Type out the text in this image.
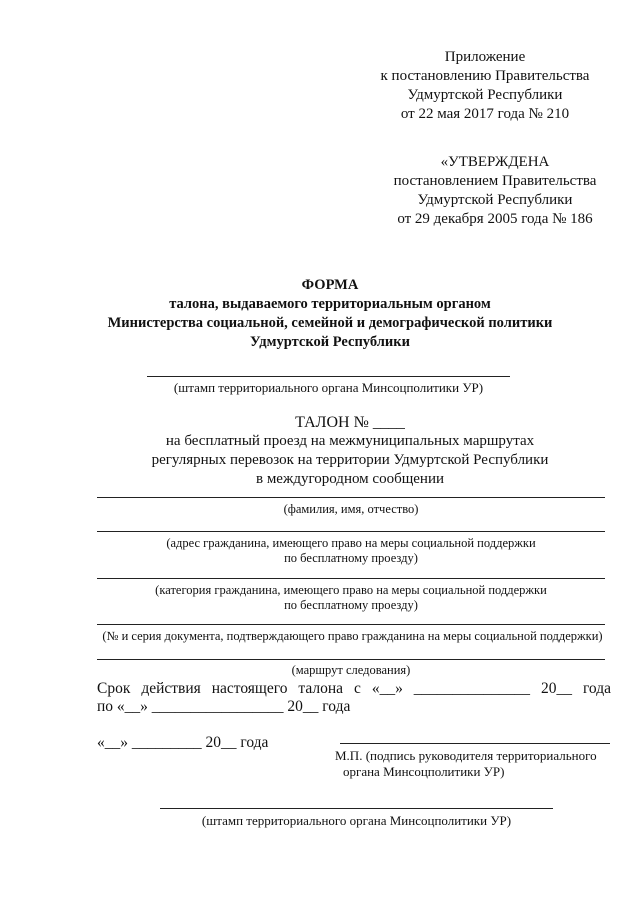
Приложение
к постановлению Правительства
Удмуртской Республики
от 22 мая 2017 года № 210
«УТВЕРЖДЕНА
постановлением Правительства
Удмуртской Республики
от 29 декабря 2005 года № 186
ФОРМА
талона, выдаваемого территориальным органом
Министерства социальной, семейной и демографической политики
Удмуртской Республики
(штамп территориального органа Минсоцполитики УР)
ТАЛОН № ____
на бесплатный проезд на межмуниципальных маршрутах
регулярных перевозок на территории Удмуртской Республики
в междугородном сообщении
(фамилия, имя, отчество)
(адрес гражданина, имеющего право на меры социальной поддержки
по бесплатному проезду)
(категория гражданина, имеющего право на меры социальной поддержки
по бесплатному проезду)
(№ и серия документа, подтверждающего право гражданина на меры социальной поддержки)
(маршрут следования)
Срок действия настоящего талона с «__» _______________ 20__ года
по «__» _________________ 20__ года
«__» _________ 20__ года
М.П. (подпись руководителя территориального
органа Минсоцполитики УР)
(штамп территориального органа Минсоцполитики УР)
